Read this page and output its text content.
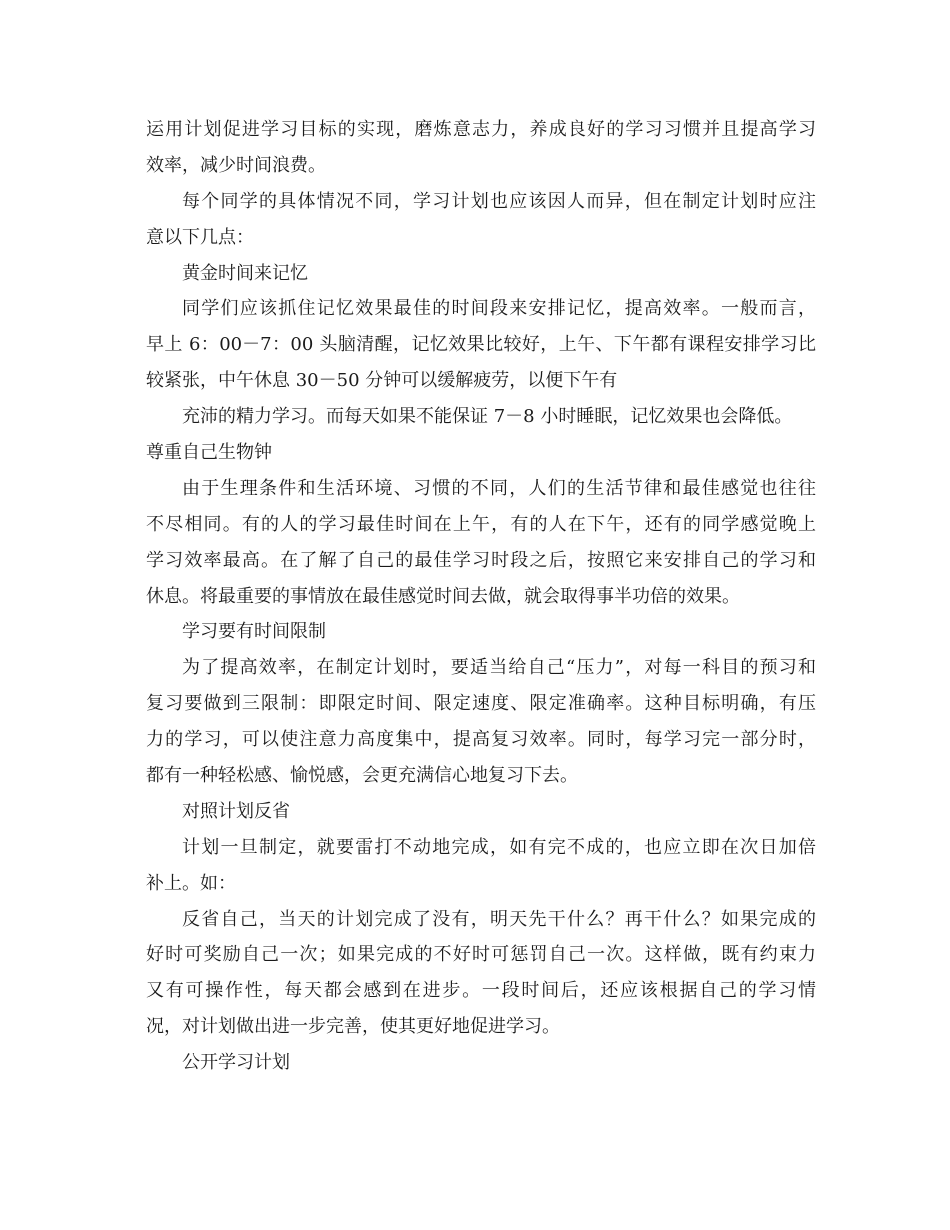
运用计划促进学习目标的实现，磨炼意志力，养成良好的学习习惯并且提高学习
效率，减少时间浪费。
每个同学的具体情况不同，学习计划也应该因人而异，但在制定计划时应注
意以下几点：
黄金时间来记忆
同学们应该抓住记忆效果最佳的时间段来安排记忆，提高效率。一般而言，
早上 6：00－7：00 头脑清醒，记忆效果比较好，上午、下午都有课程安排学习比
较紧张，中午休息 30－50 分钟可以缓解疲劳，以便下午有
充沛的精力学习。而每天如果不能保证 7－8 小时睡眠，记忆效果也会降低。
尊重自己生物钟
由于生理条件和生活环境、习惯的不同，人们的生活节律和最佳感觉也往往
不尽相同。有的人的学习最佳时间在上午，有的人在下午，还有的同学感觉晚上
学习效率最高。在了解了自己的最佳学习时段之后，按照它来安排自己的学习和
休息。将最重要的事情放在最佳感觉时间去做，就会取得事半功倍的效果。
学习要有时间限制
为了提高效率，在制定计划时，要适当给自己“压力”，对每一科目的预习和
复习要做到三限制：即限定时间、限定速度、限定准确率。这种目标明确，有压
力的学习，可以使注意力高度集中，提高复习效率。同时，每学习完一部分时，
都有一种轻松感、愉悦感，会更充满信心地复习下去。
对照计划反省
计划一旦制定，就要雷打不动地完成，如有完不成的，也应立即在次日加倍
补上。如：
反省自己，当天的计划完成了没有，明天先干什么？再干什么？如果完成的
好时可奖励自己一次；如果完成的不好时可惩罚自己一次。这样做，既有约束力
又有可操作性，每天都会感到在进步。一段时间后，还应该根据自己的学习情
况，对计划做出进一步完善，使其更好地促进学习。
公开学习计划
